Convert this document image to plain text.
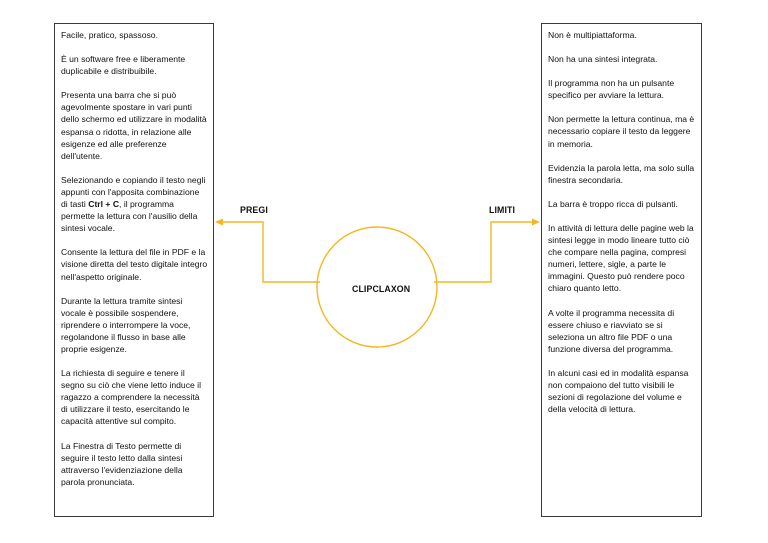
PREGI	LIMITI
CLIPCLAXON

Facile, pratico, spassoso.

È un software free e liberamente duplicabile e distribuibile.

Presenta una barra che si può agevolmente spostare in vari punti dello schermo ed utilizzare in modalità espansa o ridotta, in relazione alle esigenze ed alle preferenze dell'utente.

Selezionando e copiando il testo negli appunti con l'apposita combinazione di tasti Ctrl + C, il programma permette la lettura con l'ausilio della sintesi vocale.

Consente la lettura del file in PDF e la visione diretta del testo digitale integro nell'aspetto originale.

Durante la lettura tramite sintesi vocale è possibile sospendere, riprendere o interrompere la voce, regolandone il flusso in base alle proprie esigenze.

La richiesta di seguire e tenere il segno su ciò che viene letto induce il ragazzo a comprendere la necessità di utilizzare il testo, esercitando le capacità attentive sul compito.

La Finestra di Testo permette di seguire il testo letto dalla sintesi attraverso l'evidenziazione della parola pronunciata.

Non è multipiattaforma.

Non ha una sintesi integrata.

Il programma non ha un pulsante specifico per avviare la lettura.

Non permette la lettura continua, ma è necessario copiare il testo da leggere in memoria.

Evidenzia la parola letta, ma solo sulla finestra secondaria.

La barra è troppo ricca di pulsanti.

In attività di lettura delle pagine web la sintesi legge in modo lineare tutto ciò che compare nella pagina, compresi numeri, lettere, sigle, a parte le immagini. Questo può rendere poco chiaro quanto letto.

A volte il programma necessita di essere chiuso e riavviato se si seleziona un altro file PDF o una funzione diversa del programma.

In alcuni casi ed in modalità espansa non compaiono del tutto visibili le sezioni di regolazione del volume e della velocità di lettura.
